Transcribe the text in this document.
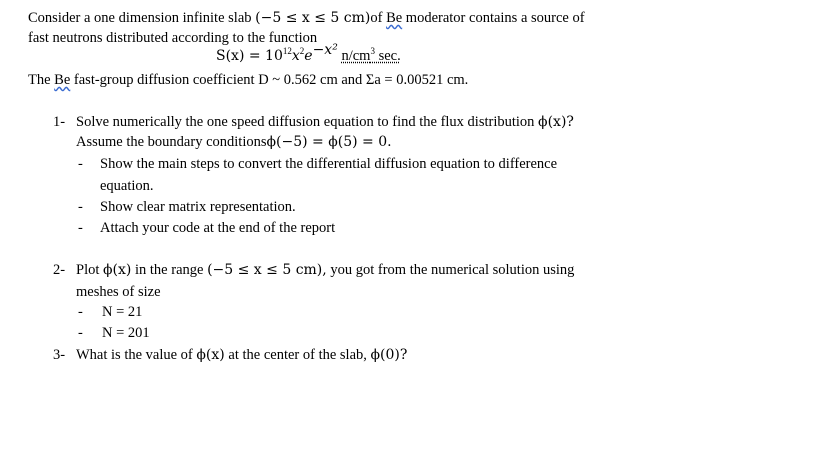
Consider a one dimension infinite slab (−5 ≤ x ≤ 5 cm)of Be moderator contains a source of
fast neutrons distributed according to the function
$S(x) = 10^{12}x^2e^{-x^2}$ $n/cm^3$ sec.
The Be fast-group diffusion coefficient D ~ 0.562 cm and Σa = 0.00521 cm.
1- Solve numerically the one speed diffusion equation to find the flux distribution ϕ(x)?
Assume the boundary conditionsϕ(−5) = ϕ(5) = 0.
- Show the main steps to convert the differential diffusion equation to difference
equation.
- Show clear matrix representation.
- Attach your code at the end of the report
2- Plot ϕ(x) in the range (−5 ≤ x ≤ 5 cm), you got from the numerical solution using
meshes of size
- N = 21
- N = 201
3- What is the value of ϕ(x) at the center of the slab, ϕ(0)?
